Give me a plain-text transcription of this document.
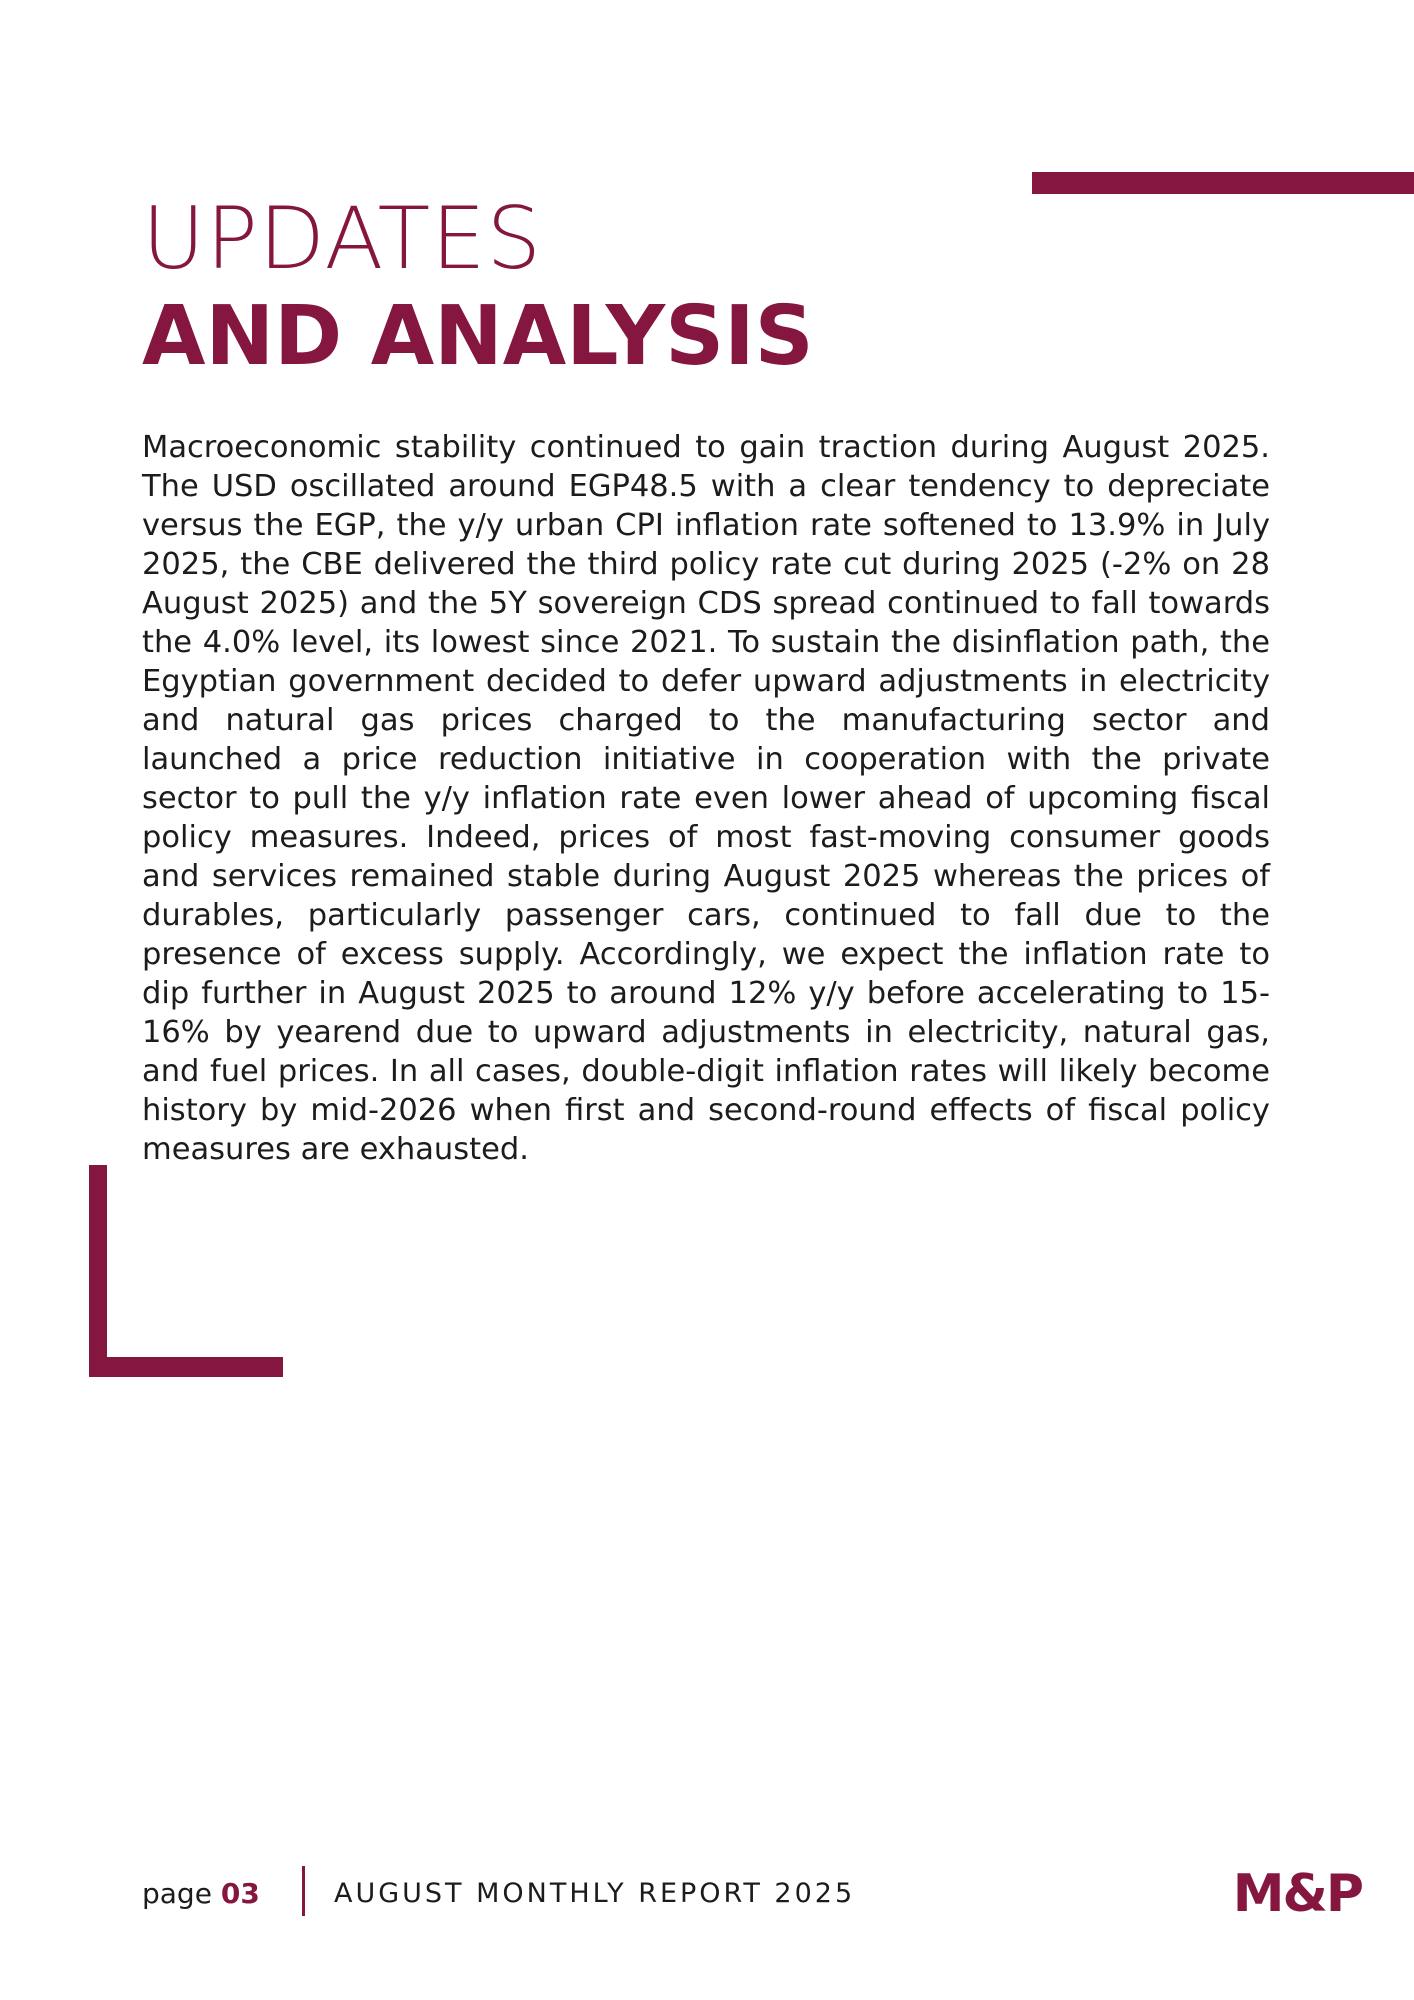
UPDATES
AND ANALYSIS

Macroeconomic stability continued to gain traction during August 2025. The USD oscillated around EGP48.5 with a clear tendency to depreciate versus the EGP, the y/y urban CPI inflation rate softened to 13.9% in July 2025, the CBE delivered the third policy rate cut during 2025 (-2% on 28 August 2025) and the 5Y sovereign CDS spread continued to fall towards the 4.0% level, its lowest since 2021. To sustain the disinflation path, the Egyptian government decided to defer upward adjustments in electricity and natural gas prices charged to the manufacturing sector and launched a price reduction initiative in cooperation with the private sector to pull the y/y inflation rate even lower ahead of upcoming fiscal policy measures. Indeed, prices of most fast-moving consumer goods and services remained stable during August 2025 whereas the prices of durables, particularly passenger cars, continued to fall due to the presence of excess supply. Accordingly, we expect the inflation rate to dip further in August 2025 to around 12% y/y before accelerating to 15-16% by yearend due to upward adjustments in electricity, natural gas, and fuel prices. In all cases, double-digit inflation rates will likely become history by mid-2026 when first and second-round effects of fiscal policy measures are exhausted.

page 03	AUGUST MONTHLY REPORT 2025	M&P
